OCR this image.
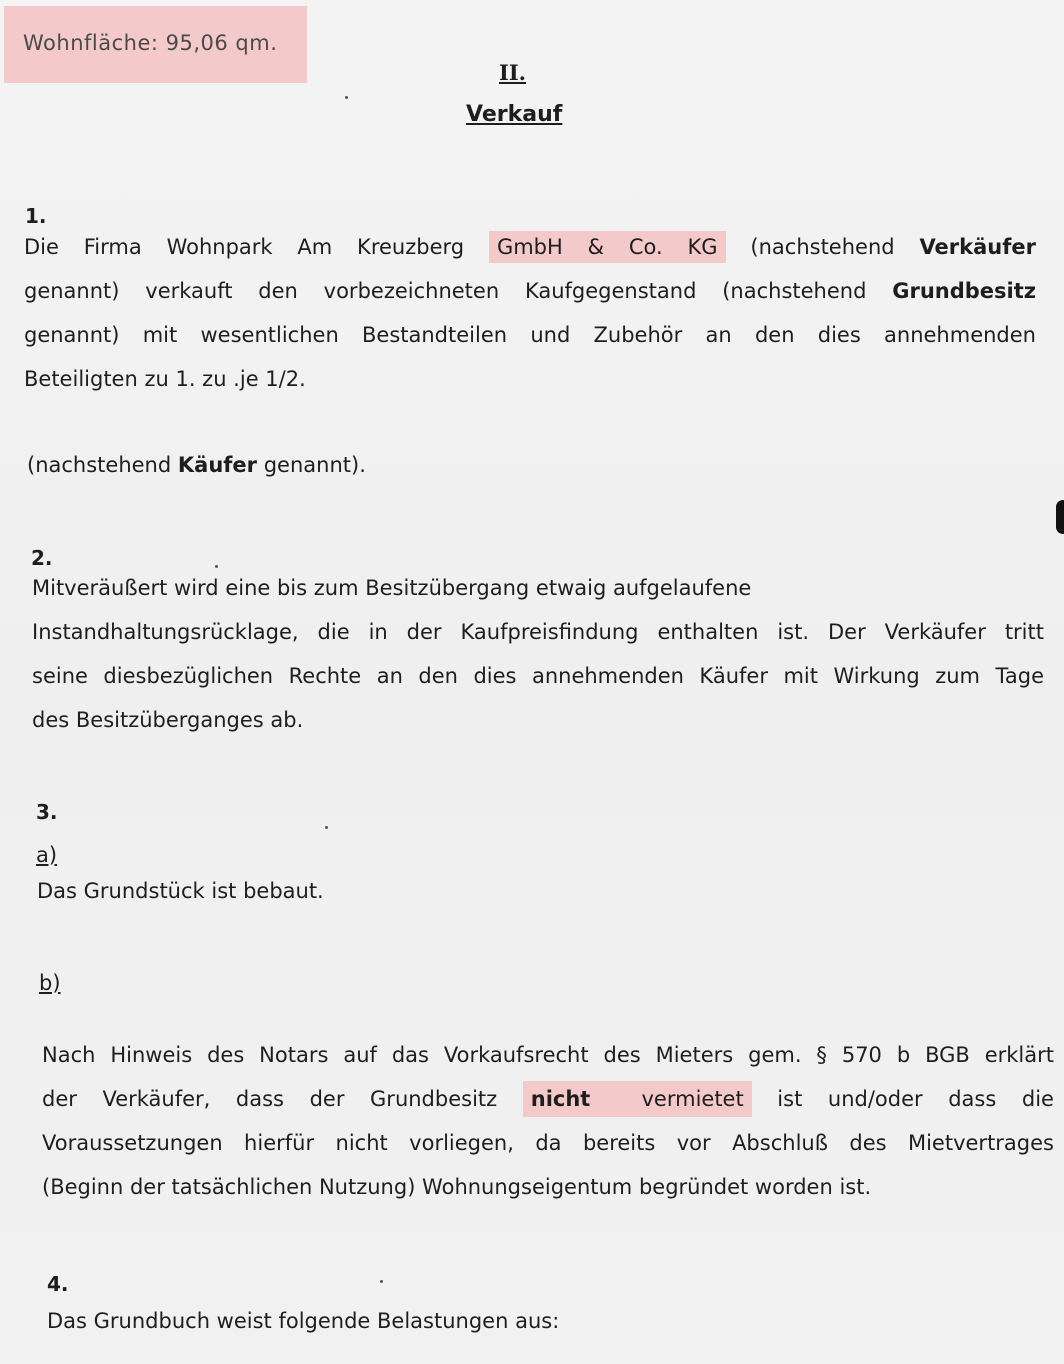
Wohnfläche: 95,06 qm.
II.
Verkauf
1.
Die Firma Wohnpark Am Kreuzberg GmbH & Co. KG (nachstehend Verkäufer
genannt) verkauft den vorbezeichneten Kaufgegenstand (nachstehend Grundbesitz
genannt) mit wesentlichen Bestandteilen und Zubehör an den dies annehmenden
Beteiligten zu 1. zu .je 1/2.
(nachstehend Käufer genannt).
2.
Mitveräußert wird eine bis zum Besitzübergang etwaig aufgelaufene
Instandhaltungsrücklage, die in der Kaufpreisfindung enthalten ist. Der Verkäufer tritt
seine diesbezüglichen Rechte an den dies annehmenden Käufer mit Wirkung zum Tage
des Besitzüberganges ab.
3.
a)
Das Grundstück ist bebaut.
b)
Nach Hinweis des Notars auf das Vorkaufsrecht des Mieters gem. § 570 b BGB erklärt
der Verkäufer, dass der Grundbesitz nicht vermietet ist und/oder dass die
Voraussetzungen hierfür nicht vorliegen, da bereits vor Abschluß des Mietvertrages
(Beginn der tatsächlichen Nutzung) Wohnungseigentum begründet worden ist.
4.
Das Grundbuch weist folgende Belastungen aus:
